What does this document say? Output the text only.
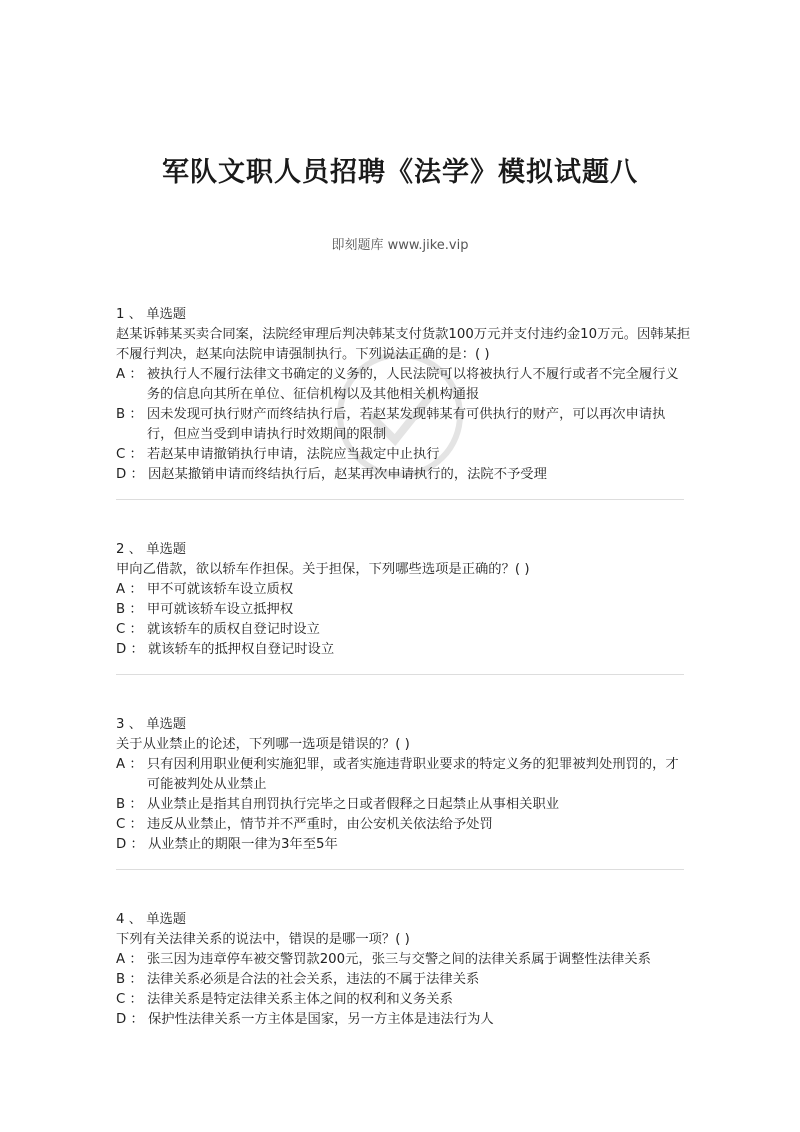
军队文职人员招聘《法学》模拟试题八
即刻题库 www.jike.vip
1 、 单选题
赵某诉韩某买卖合同案，法院经审理后判决韩某支付货款100万元并支付违约金10万元。因韩某拒不履行判决，赵某向法院申请强制执行。下列说法正确的是：( )
A ： 被执行人不履行法律文书确定的义务的，人民法院可以将被执行人不履行或者不完全履行义务的信息向其所在单位、征信机构以及其他相关机构通报
B ： 因未发现可执行财产而终结执行后，若赵某发现韩某有可供执行的财产，可以再次申请执行，但应当受到申请执行时效期间的限制
C ： 若赵某申请撤销执行申请，法院应当裁定中止执行
D ： 因赵某撤销申请而终结执行后，赵某再次申请执行的，法院不予受理
2 、 单选题
甲向乙借款，欲以轿车作担保。关于担保，下列哪些选项是正确的？( )
A ： 甲不可就该轿车设立质权
B ： 甲可就该轿车设立抵押权
C ： 就该轿车的质权自登记时设立
D ： 就该轿车的抵押权自登记时设立
3 、 单选题
关于从业禁止的论述，下列哪一选项是错误的？( )
A ： 只有因利用职业便利实施犯罪，或者实施违背职业要求的特定义务的犯罪被判处刑罚的，才可能被判处从业禁止
B ： 从业禁止是指其自刑罚执行完毕之日或者假释之日起禁止从事相关职业
C ： 违反从业禁止，情节并不严重时，由公安机关依法给予处罚
D ： 从业禁止的期限一律为3年至5年
4 、 单选题
下列有关法律关系的说法中，错误的是哪一项？( )
A ： 张三因为违章停车被交警罚款200元，张三与交警之间的法律关系属于调整性法律关系
B ： 法律关系必须是合法的社会关系，违法的不属于法律关系
C ： 法律关系是特定法律关系主体之间的权利和义务关系
D ： 保护性法律关系一方主体是国家，另一方主体是违法行为人
